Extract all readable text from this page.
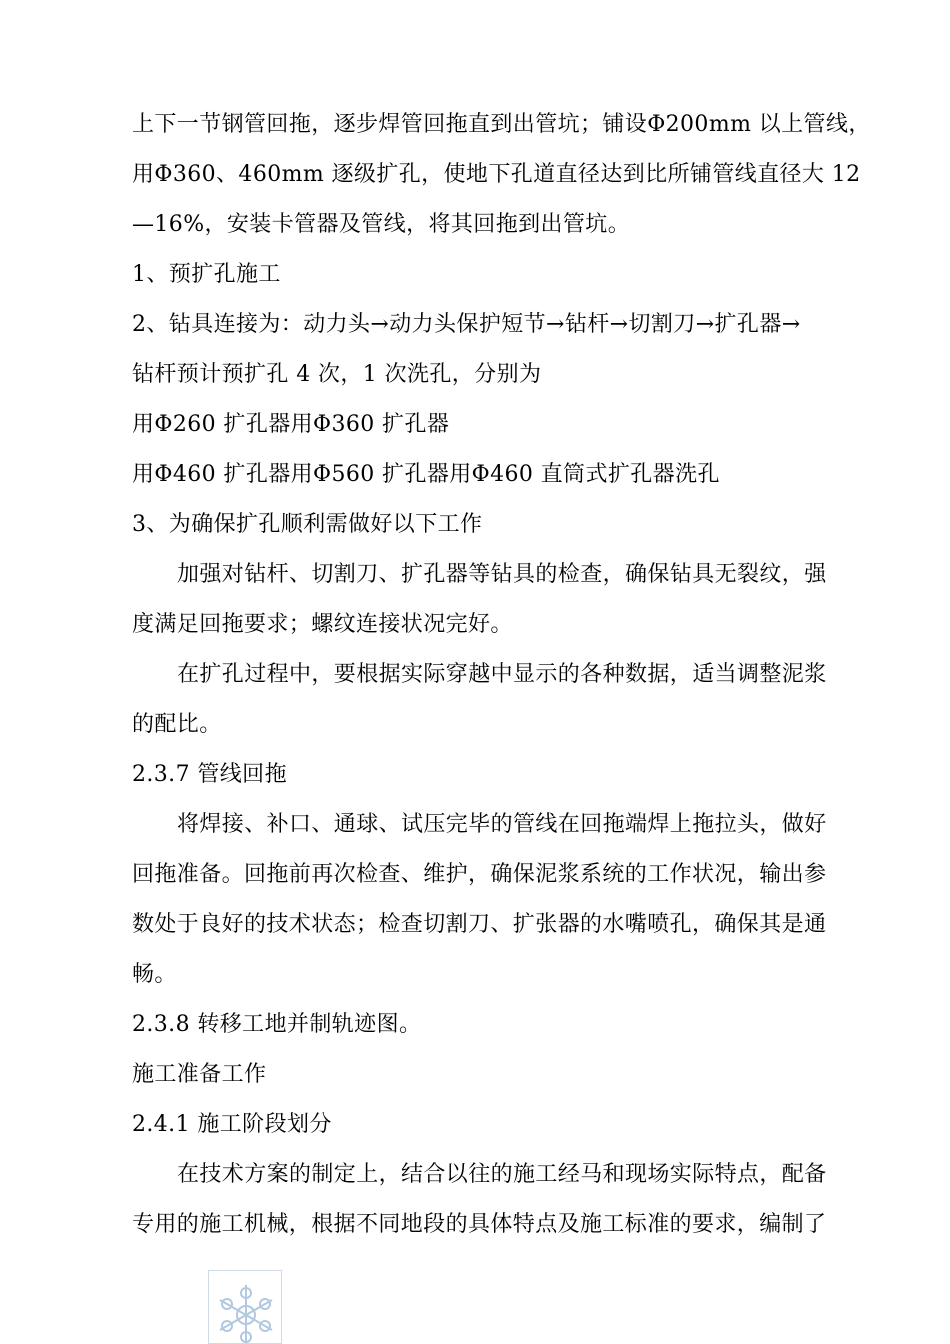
上下一节钢管回拖，逐步焊管回拖直到出管坑；铺设Φ200mm 以上管线，
用Φ360、460mm 逐级扩孔，使地下孔道直径达到比所铺管线直径大 12
—16%，安装卡管器及管线，将其回拖到出管坑。
1、预扩孔施工
2、钻具连接为：动力头→动力头保护短节→钻杆→切割刀→扩孔器→
钻杆预计预扩孔 4 次，1 次洗孔，分别为
用Φ260 扩孔器用Φ360 扩孔器
用Φ460 扩孔器用Φ560 扩孔器用Φ460 直筒式扩孔器洗孔
3、为确保扩孔顺利需做好以下工作
加强对钻杆、切割刀、扩孔器等钻具的检查，确保钻具无裂纹，强
度满足回拖要求；螺纹连接状况完好。
在扩孔过程中，要根据实际穿越中显示的各种数据，适当调整泥浆
的配比。
2.3.7 管线回拖
将焊接、补口、通球、试压完毕的管线在回拖端焊上拖拉头，做好
回拖准备。回拖前再次检查、维护，确保泥浆系统的工作状况，输出参
数处于良好的技术状态；检查切割刀、扩张器的水嘴喷孔，确保其是通
畅。
2.3.8 转移工地并制轨迹图。
施工准备工作
2.4.1 施工阶段划分
在技术方案的制定上，结合以往的施工经马和现场实际特点，配备
专用的施工机械，根据不同地段的具体特点及施工标准的要求，编制了
